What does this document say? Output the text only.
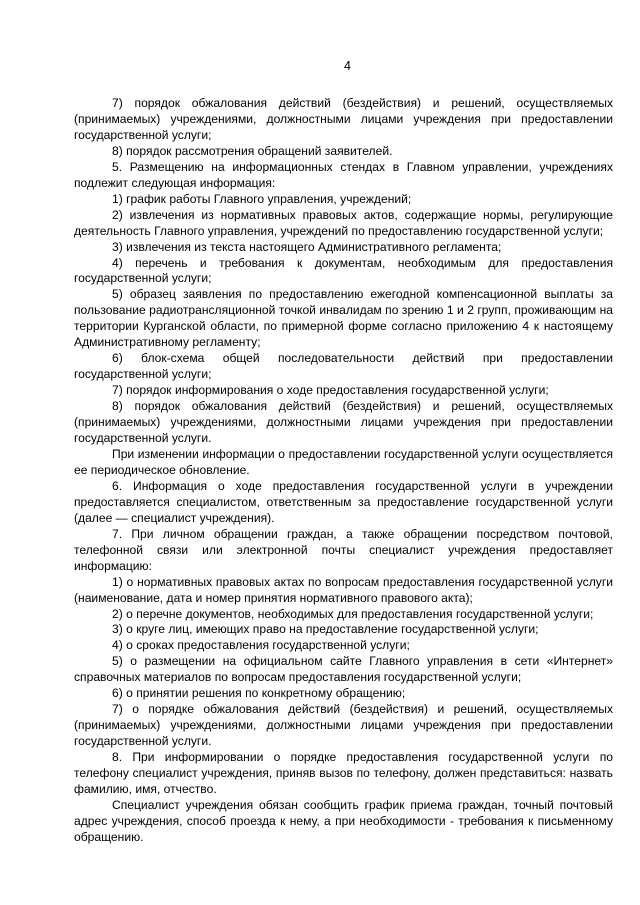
4

7) порядок обжалования действий (бездействия) и решений, осуществляемых (принимаемых) учреждениями, должностными лицами учреждения при предоставлении государственной услуги;

8) порядок рассмотрения обращений заявителей.

5. Размещению на информационных стендах в Главном управлении, учреждениях подлежит следующая информация:

1) график работы Главного управления, учреждений;

2) извлечения из нормативных правовых актов, содержащие нормы, регулирующие деятельность Главного управления, учреждений по предоставлению государственной услуги;

3) извлечения из текста настоящего Административного регламента;

4) перечень и требования к документам, необходимым для предоставления государственной услуги;

5) образец заявления по предоставлению ежегодной компенсационной выплаты за пользование радиотрансляционной точкой инвалидам по зрению 1 и 2 групп, проживающим на территории Курганской области, по примерной форме согласно приложению 4 к настоящему Административному регламенту;

6) блок-схема общей последовательности действий при предоставлении государственной услуги;

7) порядок информирования о ходе предоставления государственной услуги;

8) порядок обжалования действий (бездействия) и решений, осуществляемых (принимаемых) учреждениями, должностными лицами учреждения при предоставлении государственной услуги.

При изменении информации о предоставлении государственной услуги осуществляется ее периодическое обновление.

6. Информация о ходе предоставления государственной услуги в учреждении предоставляется специалистом, ответственным за предоставление государственной услуги (далее — специалист учреждения).

7. При личном обращении граждан, а также обращении посредством почтовой, телефонной связи или электронной почты специалист учреждения предоставляет информацию:

1) о нормативных правовых актах по вопросам предоставления государственной услуги (наименование, дата и номер принятия нормативного правового акта);

2) о перечне документов, необходимых для предоставления государственной услуги;

3) о круге лиц, имеющих право на предоставление государственной услуги;

4) о сроках предоставления государственной услуги;

5) о размещении на официальном сайте Главного управления в сети «Интернет» справочных материалов по вопросам предоставления государственной услуги;

6) о принятии решения по конкретному обращению;

7) о порядке обжалования действий (бездействия) и решений, осуществляемых (принимаемых) учреждениями, должностными лицами учреждения при предоставлении государственной услуги.

8. При информировании о порядке предоставления государственной услуги по телефону специалист учреждения, приняв вызов по телефону, должен представиться: назвать фамилию, имя, отчество.

Специалист учреждения обязан сообщить график приема граждан, точный почтовый адрес учреждения, способ проезда к нему, а при необходимости - требования к письменному обращению.
